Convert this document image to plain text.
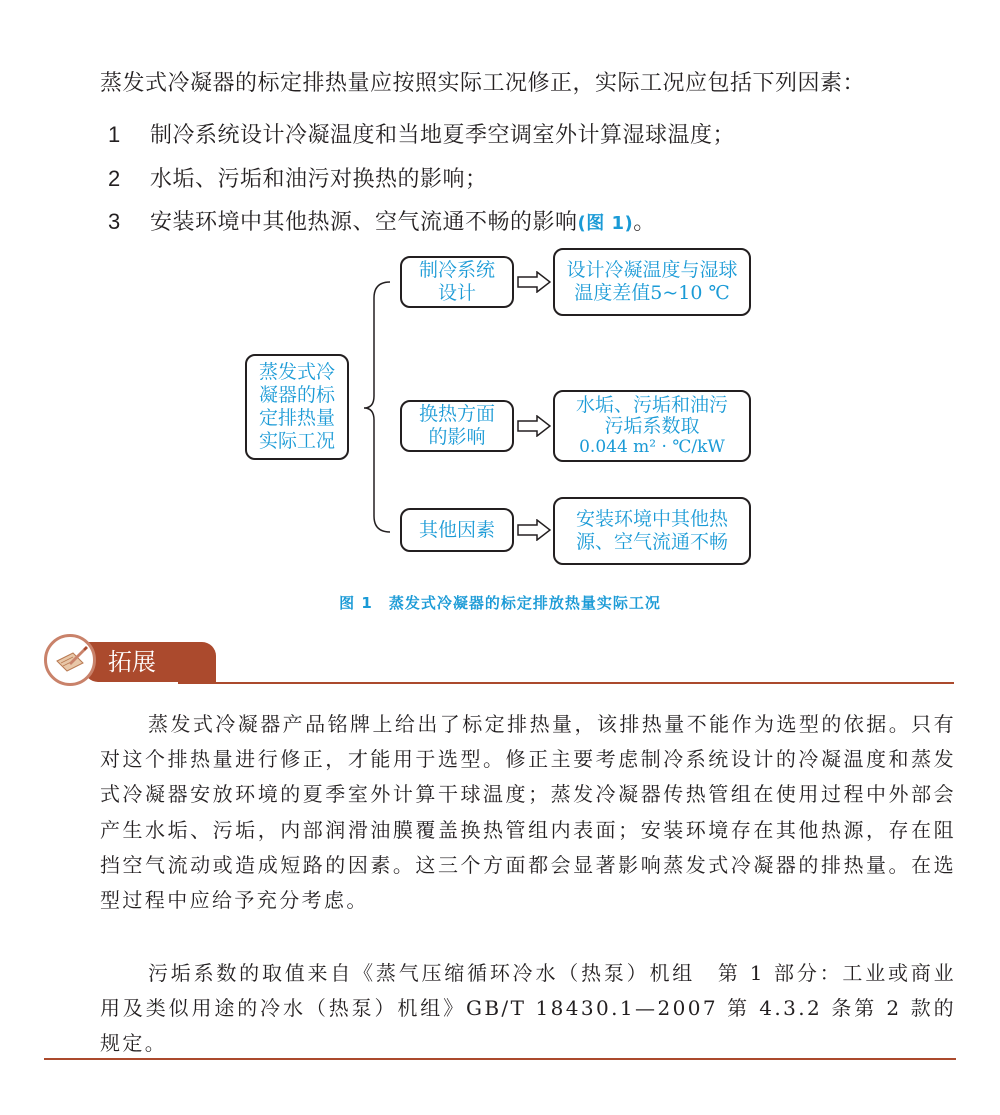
蒸发式冷凝器的标定排热量应按照实际工况修正，实际工况应包括下列因素：
1 制冷系统设计冷凝温度和当地夏季空调室外计算湿球温度；
2 水垢、污垢和油污对换热的影响；
3 安装环境中其他热源、空气流通不畅的影响(图 1)。
蒸发式冷
凝器的标
定排热量
实际工况
制冷系统
设计
设计冷凝温度与湿球
温度差值5~10 ℃
换热方面
的影响
水垢、污垢和油污
污垢系数取
0.044 m² · ℃/kW
其他因素	安装环境中其他热
源、空气流通不畅
图 1　蒸发式冷凝器的标定排放热量实际工况
拓展
蒸发式冷凝器产品铭牌上给出了标定排热量，该排热量不能作为选型的依据。只有对这个排热量进行修正，才能用于选型。修正主要考虑制冷系统设计的冷凝温度和蒸发式冷凝器安放环境的夏季室外计算干球温度；蒸发冷凝器传热管组在使用过程中外部会产生水垢、污垢，内部润滑油膜覆盖换热管组内表面；安装环境存在其他热源，存在阻挡空气流动或造成短路的因素。这三个方面都会显著影响蒸发式冷凝器的排热量。在选型过程中应给予充分考虑。
污垢系数的取值来自《蒸气压缩循环冷水（热泵）机组　第 1 部分：工业或商业用及类似用途的冷水（热泵）机组》GB/T 18430.1—2007 第 4.3.2 条第 2 款的规定。
